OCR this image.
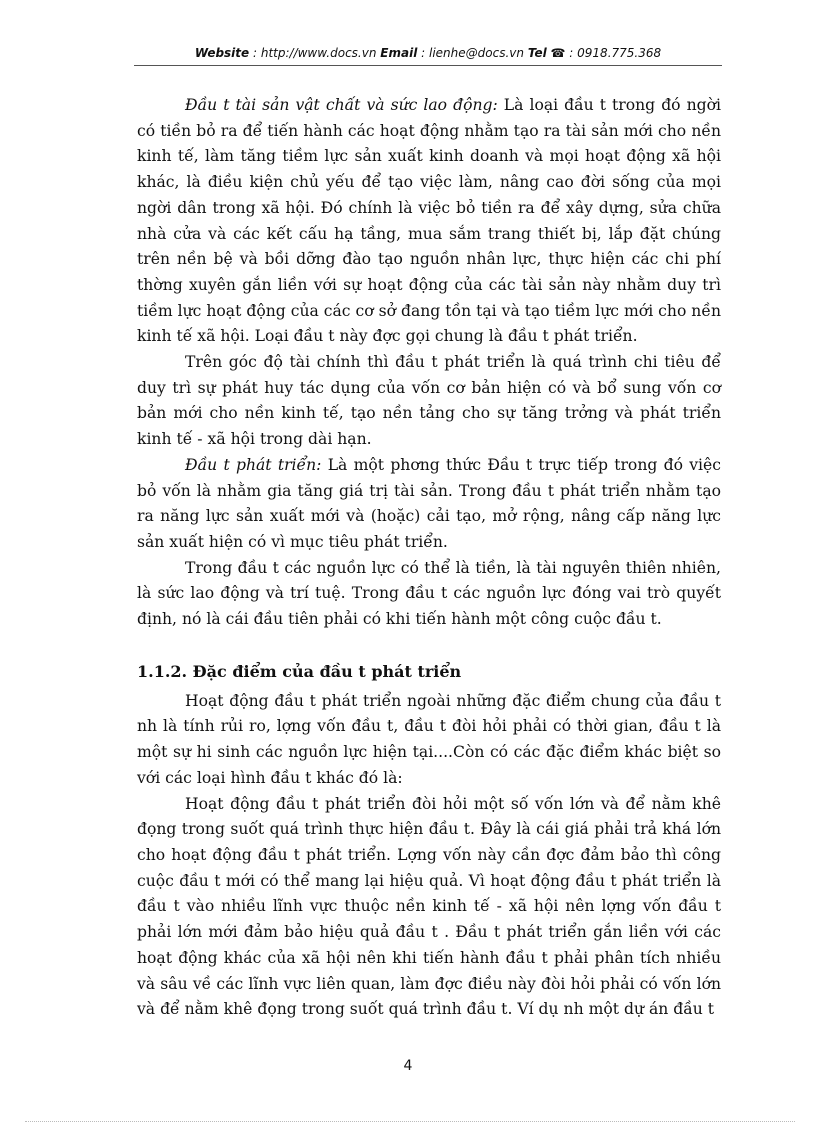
Website : http://www.docs.vn Email : lienhe@docs.vn Tel ☎ : 0918.775.368

Đầu t tài sản vật chất và sức lao động: Là loại đầu t trong đó ngời có tiền bỏ ra để tiến hành các hoạt động nhằm tạo ra tài sản mới cho nền kinh tế, làm tăng tiềm lực sản xuất kinh doanh và mọi hoạt động xã hội khác, là điều kiện chủ yếu để tạo việc làm, nâng cao đời sống của mọi ngời dân trong xã hội. Đó chính là việc bỏ tiền ra để xây dựng, sửa chữa nhà cửa và các kết cấu hạ tầng, mua sắm trang thiết bị, lắp đặt chúng trên nền bệ và bồi dỡng đào tạo nguồn nhân lực, thực hiện các chi phí thờng xuyên gắn liền với sự hoạt động của các tài sản này nhằm duy trì tiềm lực hoạt động của các cơ sở đang tồn tại và tạo tiềm lực mới cho nền kinh tế xã hội. Loại đầu t này đợc gọi chung là đầu t phát triển.

Trên góc độ tài chính thì đầu t phát triển là quá trình chi tiêu để duy trì sự phát huy tác dụng của vốn cơ bản hiện có và bổ sung vốn cơ bản mới cho nền kinh tế, tạo nền tảng cho sự tăng trởng và phát triển kinh tế - xã hội trong dài hạn.

Đầu t phát triển: Là một phơng thức Đầu t trực tiếp trong đó việc bỏ vốn là nhằm gia tăng giá trị tài sản. Trong đầu t phát triển nhằm tạo ra năng lực sản xuất mới và (hoặc) cải tạo, mở rộng, nâng cấp năng lực sản xuất hiện có vì mục tiêu phát triển.

Trong đầu t các nguồn lực có thể là tiền, là tài nguyên thiên nhiên, là sức lao động và trí tuệ. Trong đầu t các nguồn lực đóng vai trò quyết định, nó là cái đầu tiên phải có khi tiến hành một công cuộc đầu t.

1.1.2. Đặc điểm của đầu t phát triển

Hoạt động đầu t phát triển ngoài những đặc điểm chung của đầu t nh là tính rủi ro, lợng vốn đầu t, đầu t đòi hỏi phải có thời gian, đầu t là một sự hi sinh các nguồn lực hiện tại....Còn có các đặc điểm khác biệt so với các loại hình đầu t khác đó là:

Hoạt động đầu t phát triển đòi hỏi một số vốn lớn và để nằm khê đọng trong suốt quá trình thực hiện đầu t. Đây là cái giá phải trả khá lớn cho hoạt động đầu t phát triển. Lợng vốn này cần đợc đảm bảo thì công cuộc đầu t mới có thể mang lại hiệu quả. Vì hoạt động đầu t phát triển là đầu t vào nhiều lĩnh vực thuộc nền kinh tế - xã hội nên lợng vốn đầu t phải lớn mới đảm bảo hiệu quả đầu t . Đầu t phát triển gắn liền với các hoạt động khác của xã hội nên khi tiến hành đầu t phải phân tích nhiều và sâu về các lĩnh vực liên quan, làm đợc điều này đòi hỏi phải có vốn lớn và để nằm khê đọng trong suốt quá trình đầu t. Ví dụ nh một dự án đầu t

4
